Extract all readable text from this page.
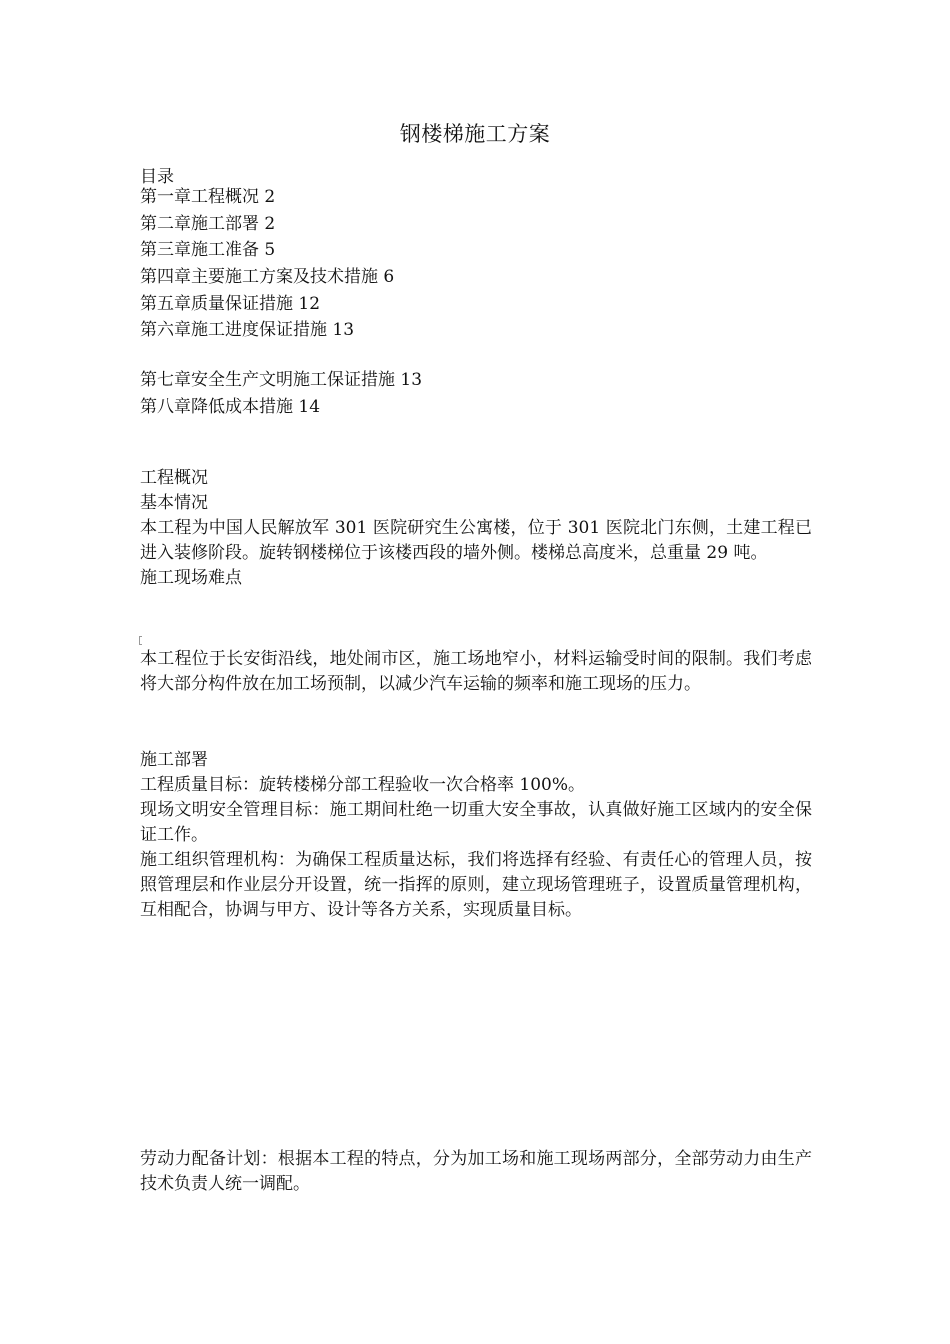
钢楼梯施工方案
目录
第一章工程概况 2
第二章施工部署 2
第三章施工准备 5
第四章主要施工方案及技术措施 6
第五章质量保证措施 12
第六章施工进度保证措施 13
第七章安全生产文明施工保证措施 13
第八章降低成本措施 14
工程概况
基本情况
本工程为中国人民解放军 301 医院研究生公寓楼，位于 301 医院北门东侧，土建工程已进入装修阶段。旋转钢楼梯位于该楼西段的墙外侧。楼梯总高度米，总重量 29 吨。
施工现场难点
本工程位于长安街沿线，地处闹市区，施工场地窄小，材料运输受时间的限制。我们考虑将大部分构件放在加工场预制，以减少汽车运输的频率和施工现场的压力。
施工部署
工程质量目标：旋转楼梯分部工程验收一次合格率 100%。
现场文明安全管理目标：施工期间杜绝一切重大安全事故，认真做好施工区域内的安全保证工作。
施工组织管理机构：为确保工程质量达标，我们将选择有经验、有责任心的管理人员，按照管理层和作业层分开设置，统一指挥的原则，建立现场管理班子，设置质量管理机构，互相配合，协调与甲方、设计等各方关系，实现质量目标。
劳动力配备计划：根据本工程的特点，分为加工场和施工现场两部分，全部劳动力由生产技术负责人统一调配。
